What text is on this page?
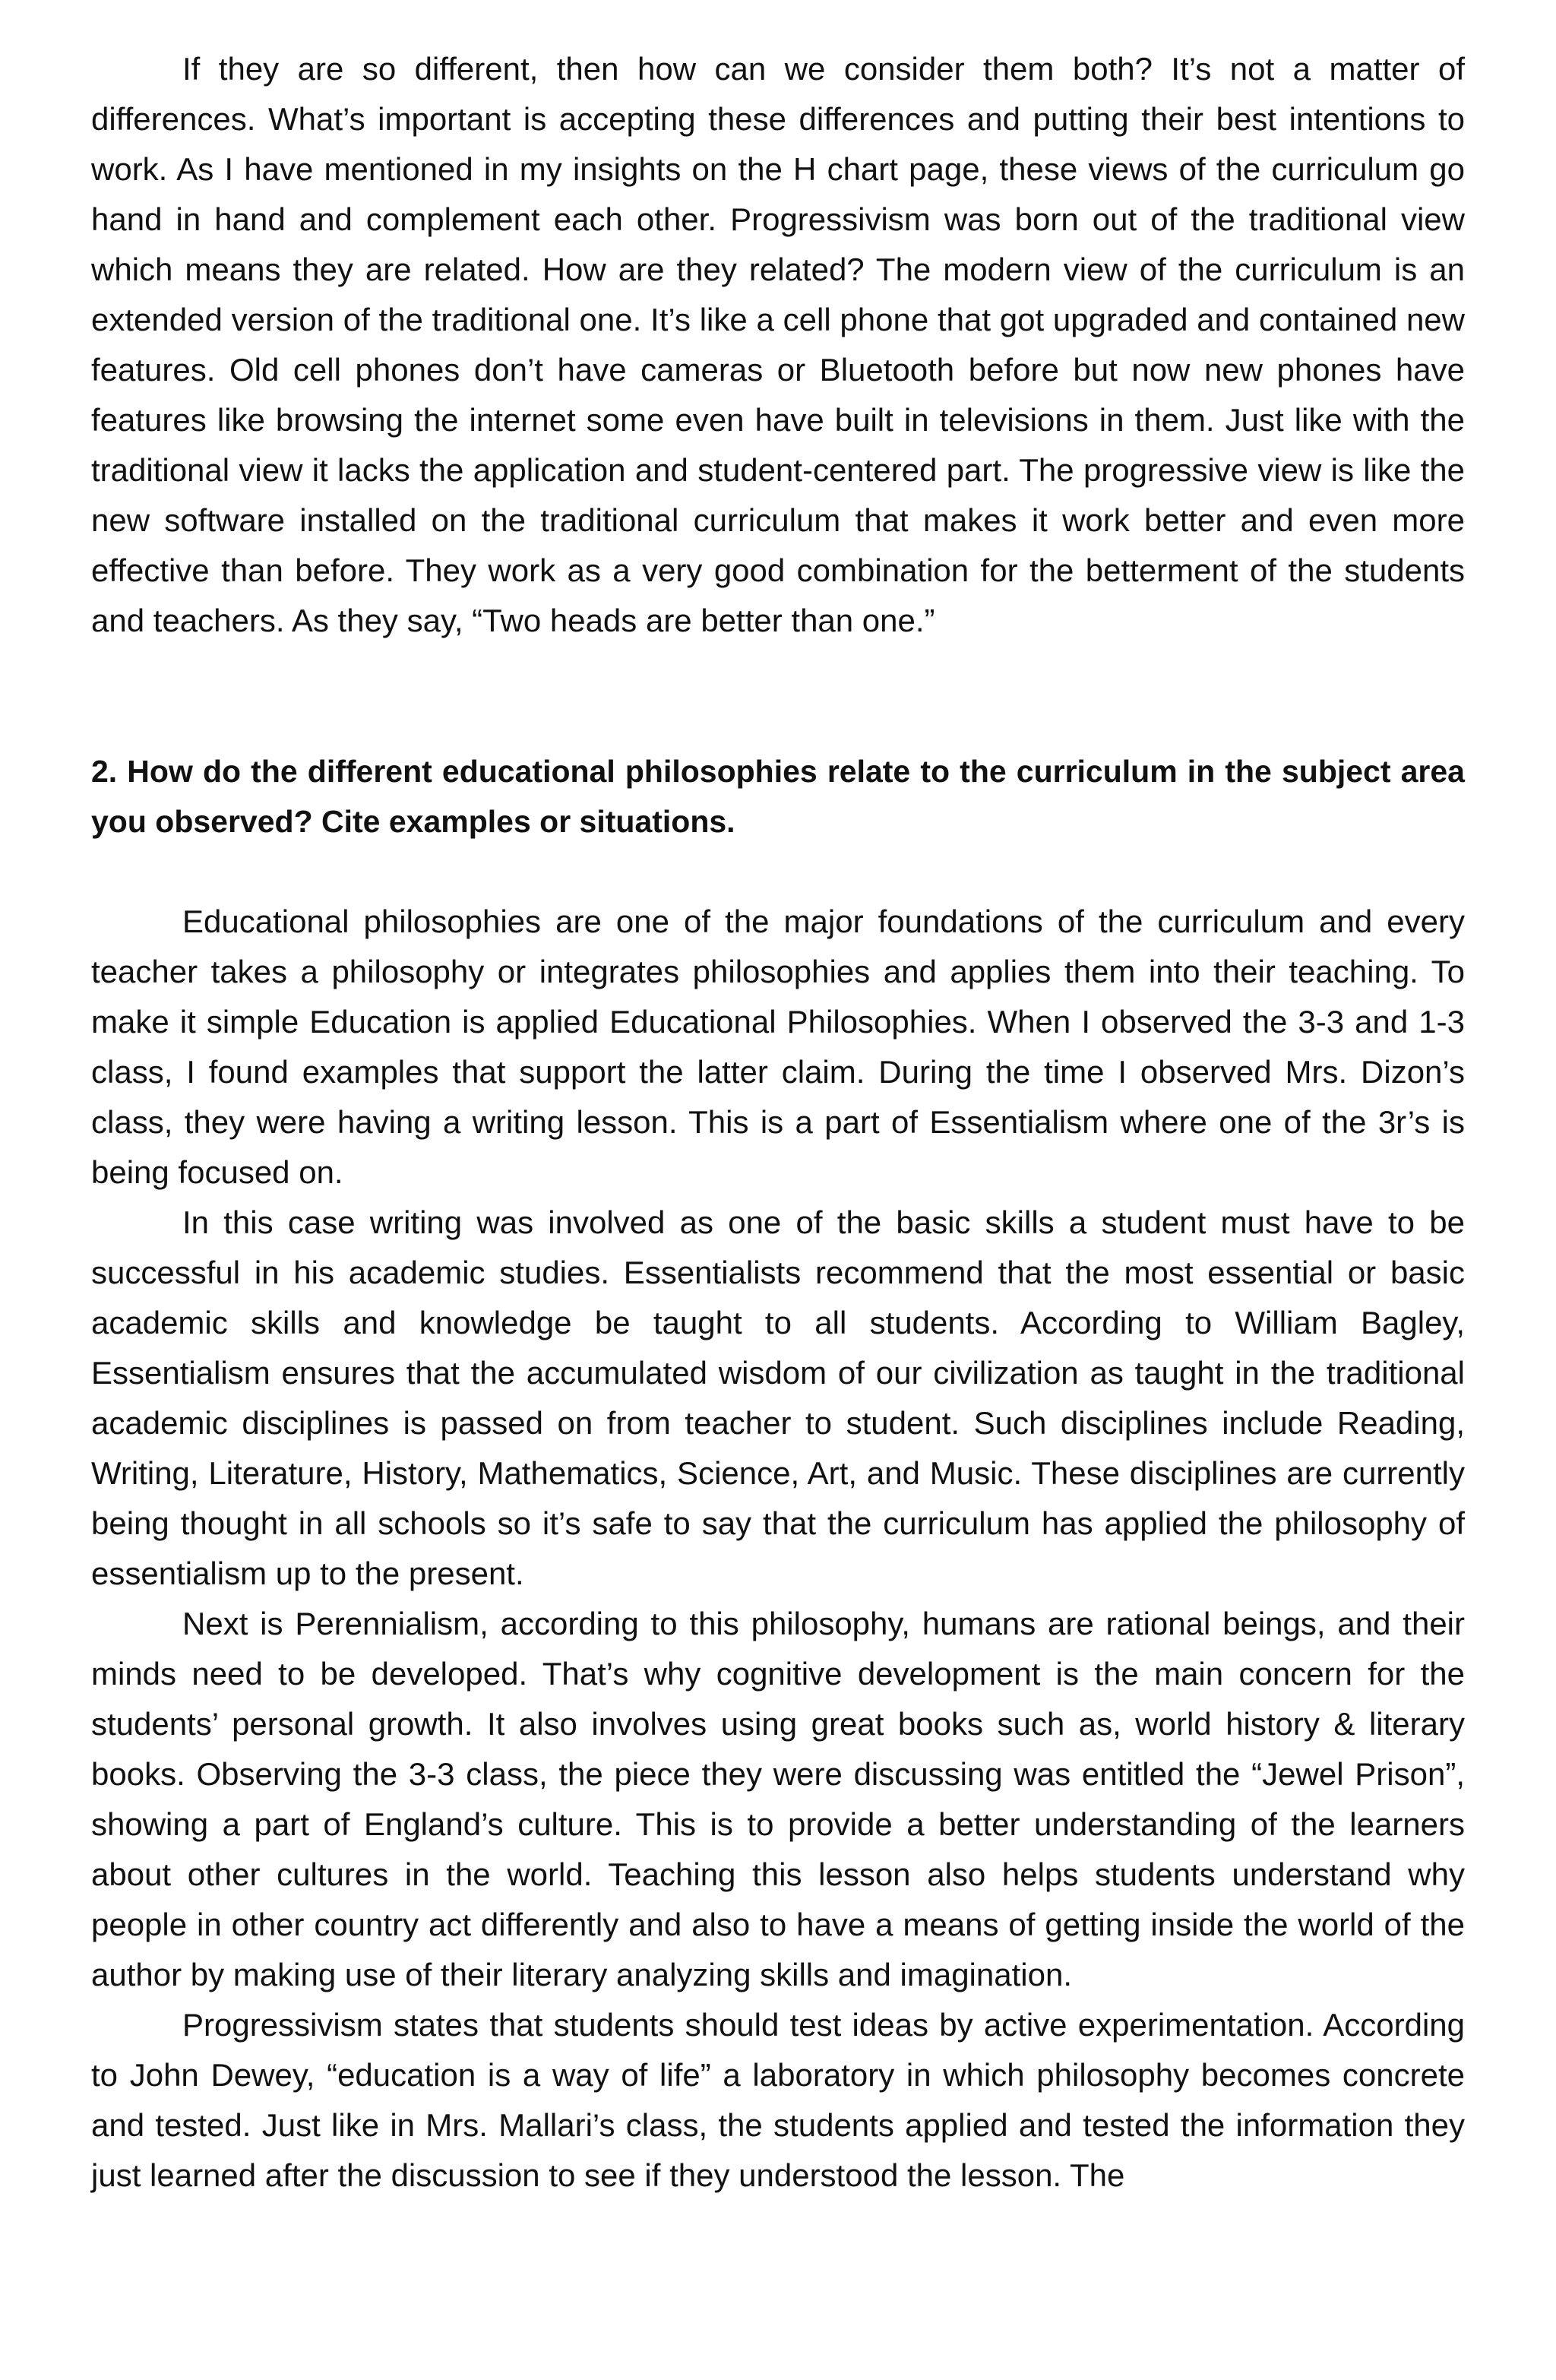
If they are so different, then how can we consider them both? It’s not a matter of differences. What’s important is accepting these differences and putting their best intentions to work. As I have mentioned in my insights on the H chart page, these views of the curriculum go hand in hand and complement each other. Progressivism was born out of the traditional view which means they are related. How are they related? The modern view of the curriculum is an extended version of the traditional one. It’s like a cell phone that got upgraded and contained new features. Old cell phones don’t have cameras or Bluetooth before but now new phones have features like browsing the internet some even have built in televisions in them. Just like with the traditional view it lacks the application and student-centered part. The progressive view is like the new software installed on the traditional curriculum that makes it work better and even more effective than before. They work as a very good combination for the betterment of the students and teachers. As they say, “Two heads are better than one.”

2. How do the different educational philosophies relate to the curriculum in the subject area you observed? Cite examples or situations.

Educational philosophies are one of the major foundations of the curriculum and every teacher takes a philosophy or integrates philosophies and applies them into their teaching. To make it simple Education is applied Educational Philosophies. When I observed the 3-3 and 1-3 class, I found examples that support the latter claim. During the time I observed Mrs. Dizon’s class, they were having a writing lesson. This is a part of Essentialism where one of the 3r’s is being focused on.

In this case writing was involved as one of the basic skills a student must have to be successful in his academic studies. Essentialists recommend that the most essential or basic academic skills and knowledge be taught to all students. According to William Bagley, Essentialism ensures that the accumulated wisdom of our civilization as taught in the traditional academic disciplines is passed on from teacher to student. Such disciplines include Reading, Writing, Literature, History, Mathematics, Science, Art, and Music. These disciplines are currently being thought in all schools so it’s safe to say that the curriculum has applied the philosophy of essentialism up to the present.

Next is Perennialism, according to this philosophy, humans are rational beings, and their minds need to be developed. That’s why cognitive development is the main concern for the students’ personal growth. It also involves using great books such as, world history & literary books. Observing the 3-3 class, the piece they were discussing was entitled the “Jewel Prison”, showing a part of England’s culture. This is to provide a better understanding of the learners about other cultures in the world. Teaching this lesson also helps students understand why people in other country act differently and also to have a means of getting inside the world of the author by making use of their literary analyzing skills and imagination.

Progressivism states that students should test ideas by active experimentation. According to John Dewey, “education is a way of life” a laboratory in which philosophy becomes concrete and tested. Just like in Mrs. Mallari’s class, the students applied and tested the information they just learned after the discussion to see if they understood the lesson. The
